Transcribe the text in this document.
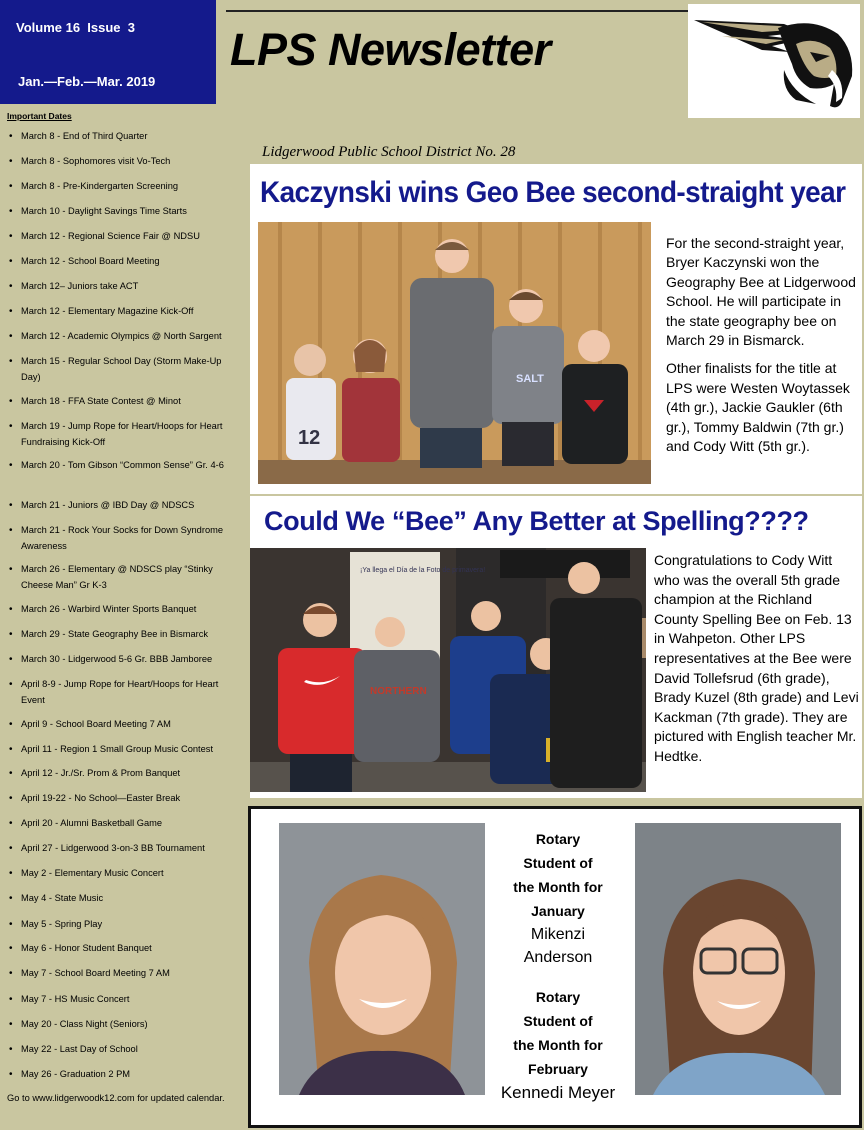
Volume 16  Issue  3
Jan.—Feb.—Mar. 2019
LPS Newsletter
Lidgerwood Public School District No. 28
Important Dates
• March 8 - End of Third Quarter
• March 8 - Sophomores visit Vo-Tech
• March 8 - Pre-Kindergarten Screening
• March 10 - Daylight Savings Time Starts
• March 12 - Regional Science Fair @ NDSU
• March 12 - School Board Meeting
• March 12– Juniors take ACT
• March 12 - Elementary Magazine Kick-Off
• March 12 - Academic Olympics @ North Sargent
• March 15 - Regular School Day (Storm Make-Up Day)
• March 18 - FFA State Contest @ Minot
• March 19 - Jump Rope for Heart/Hoops for Heart Fundraising Kick-Off
• March 20 - Tom Gibson “Common Sense” Gr. 4-6
• March 21 - Juniors @ IBD Day @ NDSCS
• March 21 - Rock Your Socks for Down Syndrome Awareness
• March 26 - Elementary @ NDSCS play “Stinky Cheese Man” Gr K-3
• March 26 - Warbird Winter Sports Banquet
• March 29 - State Geography Bee in Bismarck
• March 30 - Lidgerwood 5-6 Gr. BBB Jamboree
• April 8-9 - Jump Rope for Heart/Hoops for Heart Event
• April 9 - School Board Meeting 7 AM
• April 11 - Region 1 Small Group Music Contest
• April 12 - Jr./Sr. Prom & Prom Banquet
• April 19-22 - No School—Easter Break
• April 20 - Alumni Basketball Game
• April 27 - Lidgerwood 3-on-3 BB Tournament
• May 2 - Elementary Music Concert
• May 4 - State Music
• May 5 - Spring Play
• May 6 - Honor Student Banquet
• May 7 - School Board Meeting 7 AM
• May 7 - HS Music Concert
• May 20 - Class Night (Seniors)
• May 22 - Last Day of School
• May 26 - Graduation 2 PM
Go to www.lidgerwoodk12.com for updated calendar.
Kaczynski wins Geo Bee second-straight year
12
SALT

For the second-straight year, Bryer Kaczynski won the Geography Bee at Lidgerwood School. He will participate in the state geography bee on March 29 in Bismarck.

Other finalists for the title at LPS were Westen Woytassek (4th gr.), Jackie Gaukler (6th gr.), Tommy Baldwin (7th gr.) and Cody Witt (5th gr.).

Could We “Bee” Any Better at Spelling????
¡Ya llega el Día de la Foto de primavera!
NORTHERN
Congratulations to Cody Witt who was the overall 5th grade champion at the Richland County Spelling Bee on Feb. 13 in Wahpeton. Other LPS representatives at the Bee were David Tollefsrud (6th grade), Brady Kuzel (8th grade) and Levi Kackman (7th grade). They are pictured with English teacher Mr. Hedtke.
Rotary
Student of
the Month for
January
Mikenzi
Anderson
Rotary
Student of
the Month for
February
Kennedi Meyer
